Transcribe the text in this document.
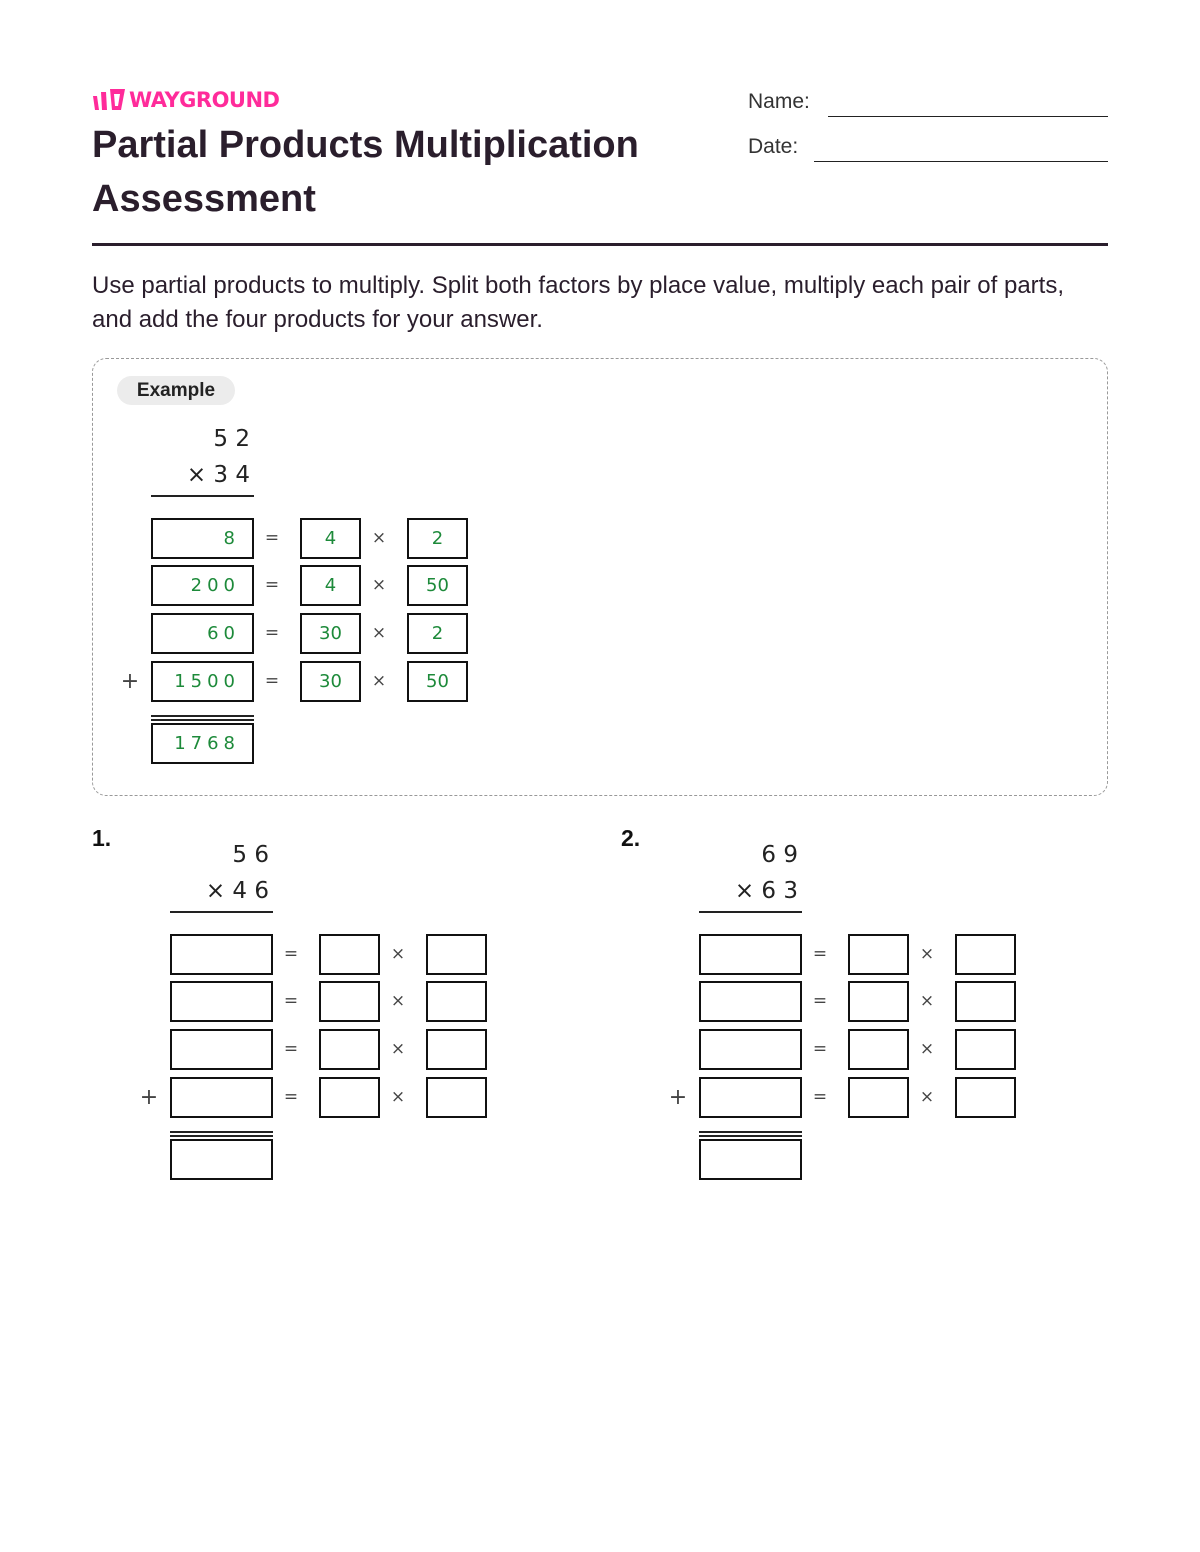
WAYGROUND
Partial Products Multiplication Assessment
Name:
Date:

Use partial products to multiply. Split both factors by place value, multiply each pair of parts, and add the four products for your answer.

Example
5 2
× 3 4
8	=	4	×	2
200	=	4	×	50
60	=	30	×	2
1500	=	30	×	50
+
1768
1.
5 6
× 4 6
=	×
=	×
=	×
=	×
+
2.
6 9
× 6 3
=	×
=	×
=	×
=	×
+
